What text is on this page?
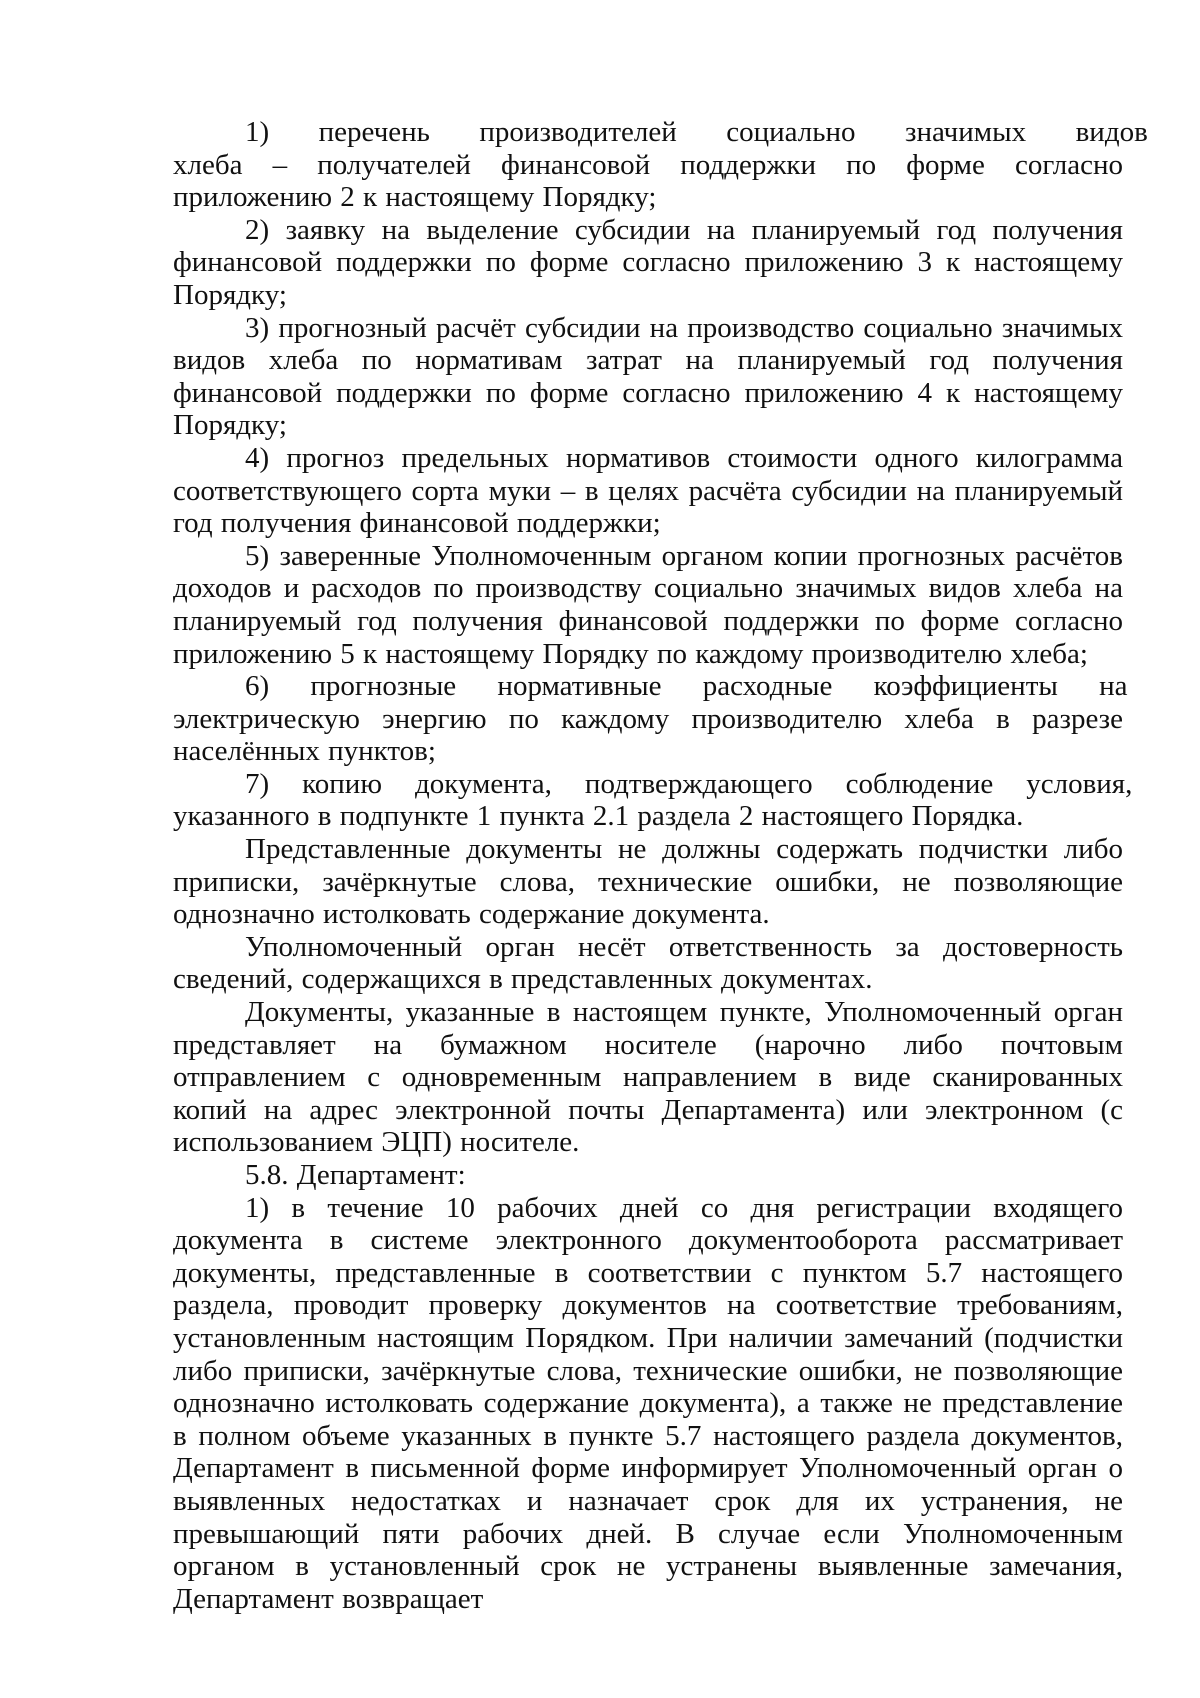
1)      перечень      производителей      социально      значимых      видов хлеба – получателей финансовой поддержки по форме согласно приложению 2 к настоящему Порядку;

2) заявку на выделение субсидии на планируемый год получения финансовой поддержки по форме согласно приложению 3 к настоящему Порядку;

3) прогнозный расчёт субсидии на производство социально значимых видов хлеба по нормативам затрат на планируемый год получения финансовой поддержки по форме согласно приложению 4 к настоящему Порядку;

4) прогноз предельных нормативов стоимости одного килограмма соответствующего сорта муки – в целях расчёта субсидии на планируемый год получения финансовой поддержки;

5) заверенные Уполномоченным органом копии прогнозных расчётов доходов и расходов по производству социально значимых видов хлеба на планируемый год получения финансовой поддержки по форме согласно приложению 5 к настоящему Порядку по каждому производителю хлеба;

6)     прогнозные     нормативные     расходные     коэффициенты     на электрическую энергию по каждому производителю хлеба в разрезе населённых пунктов;

7)    копию    документа,    подтверждающего    соблюдение    условия, указанного в подпункте 1 пункта 2.1 раздела 2 настоящего Порядка.

Представленные документы не должны содержать подчистки либо приписки, зачёркнутые слова, технические ошибки, не позволяющие однозначно истолковать содержание документа.

Уполномоченный орган несёт ответственность за достоверность сведений, содержащихся в представленных документах.

Документы, указанные в настоящем пункте, Уполномоченный орган представляет на бумажном носителе (нарочно либо почтовым отправлением с одновременным направлением в виде сканированных копий на адрес электронной почты Департамента) или электронном (с использованием ЭЦП) носителе.

5.8. Департамент:

1) в течение 10 рабочих дней со дня регистрации входящего документа в системе электронного документооборота рассматривает документы, представленные в соответствии с пунктом 5.7 настоящего раздела, проводит проверку документов на соответствие требованиям, установленным настоящим Порядком. При наличии замечаний (подчистки либо приписки, зачёркнутые слова, технические ошибки, не позволяющие однозначно истолковать содержание документа), а также не представление в полном объеме указанных в пункте 5.7 настоящего раздела документов, Департамент в письменной форме информирует Уполномоченный орган о выявленных недостатках и назначает срок для их устранения, не превышающий пяти рабочих дней. В случае если Уполномоченным органом в установленный срок не устранены выявленные замечания, Департамент возвращает
